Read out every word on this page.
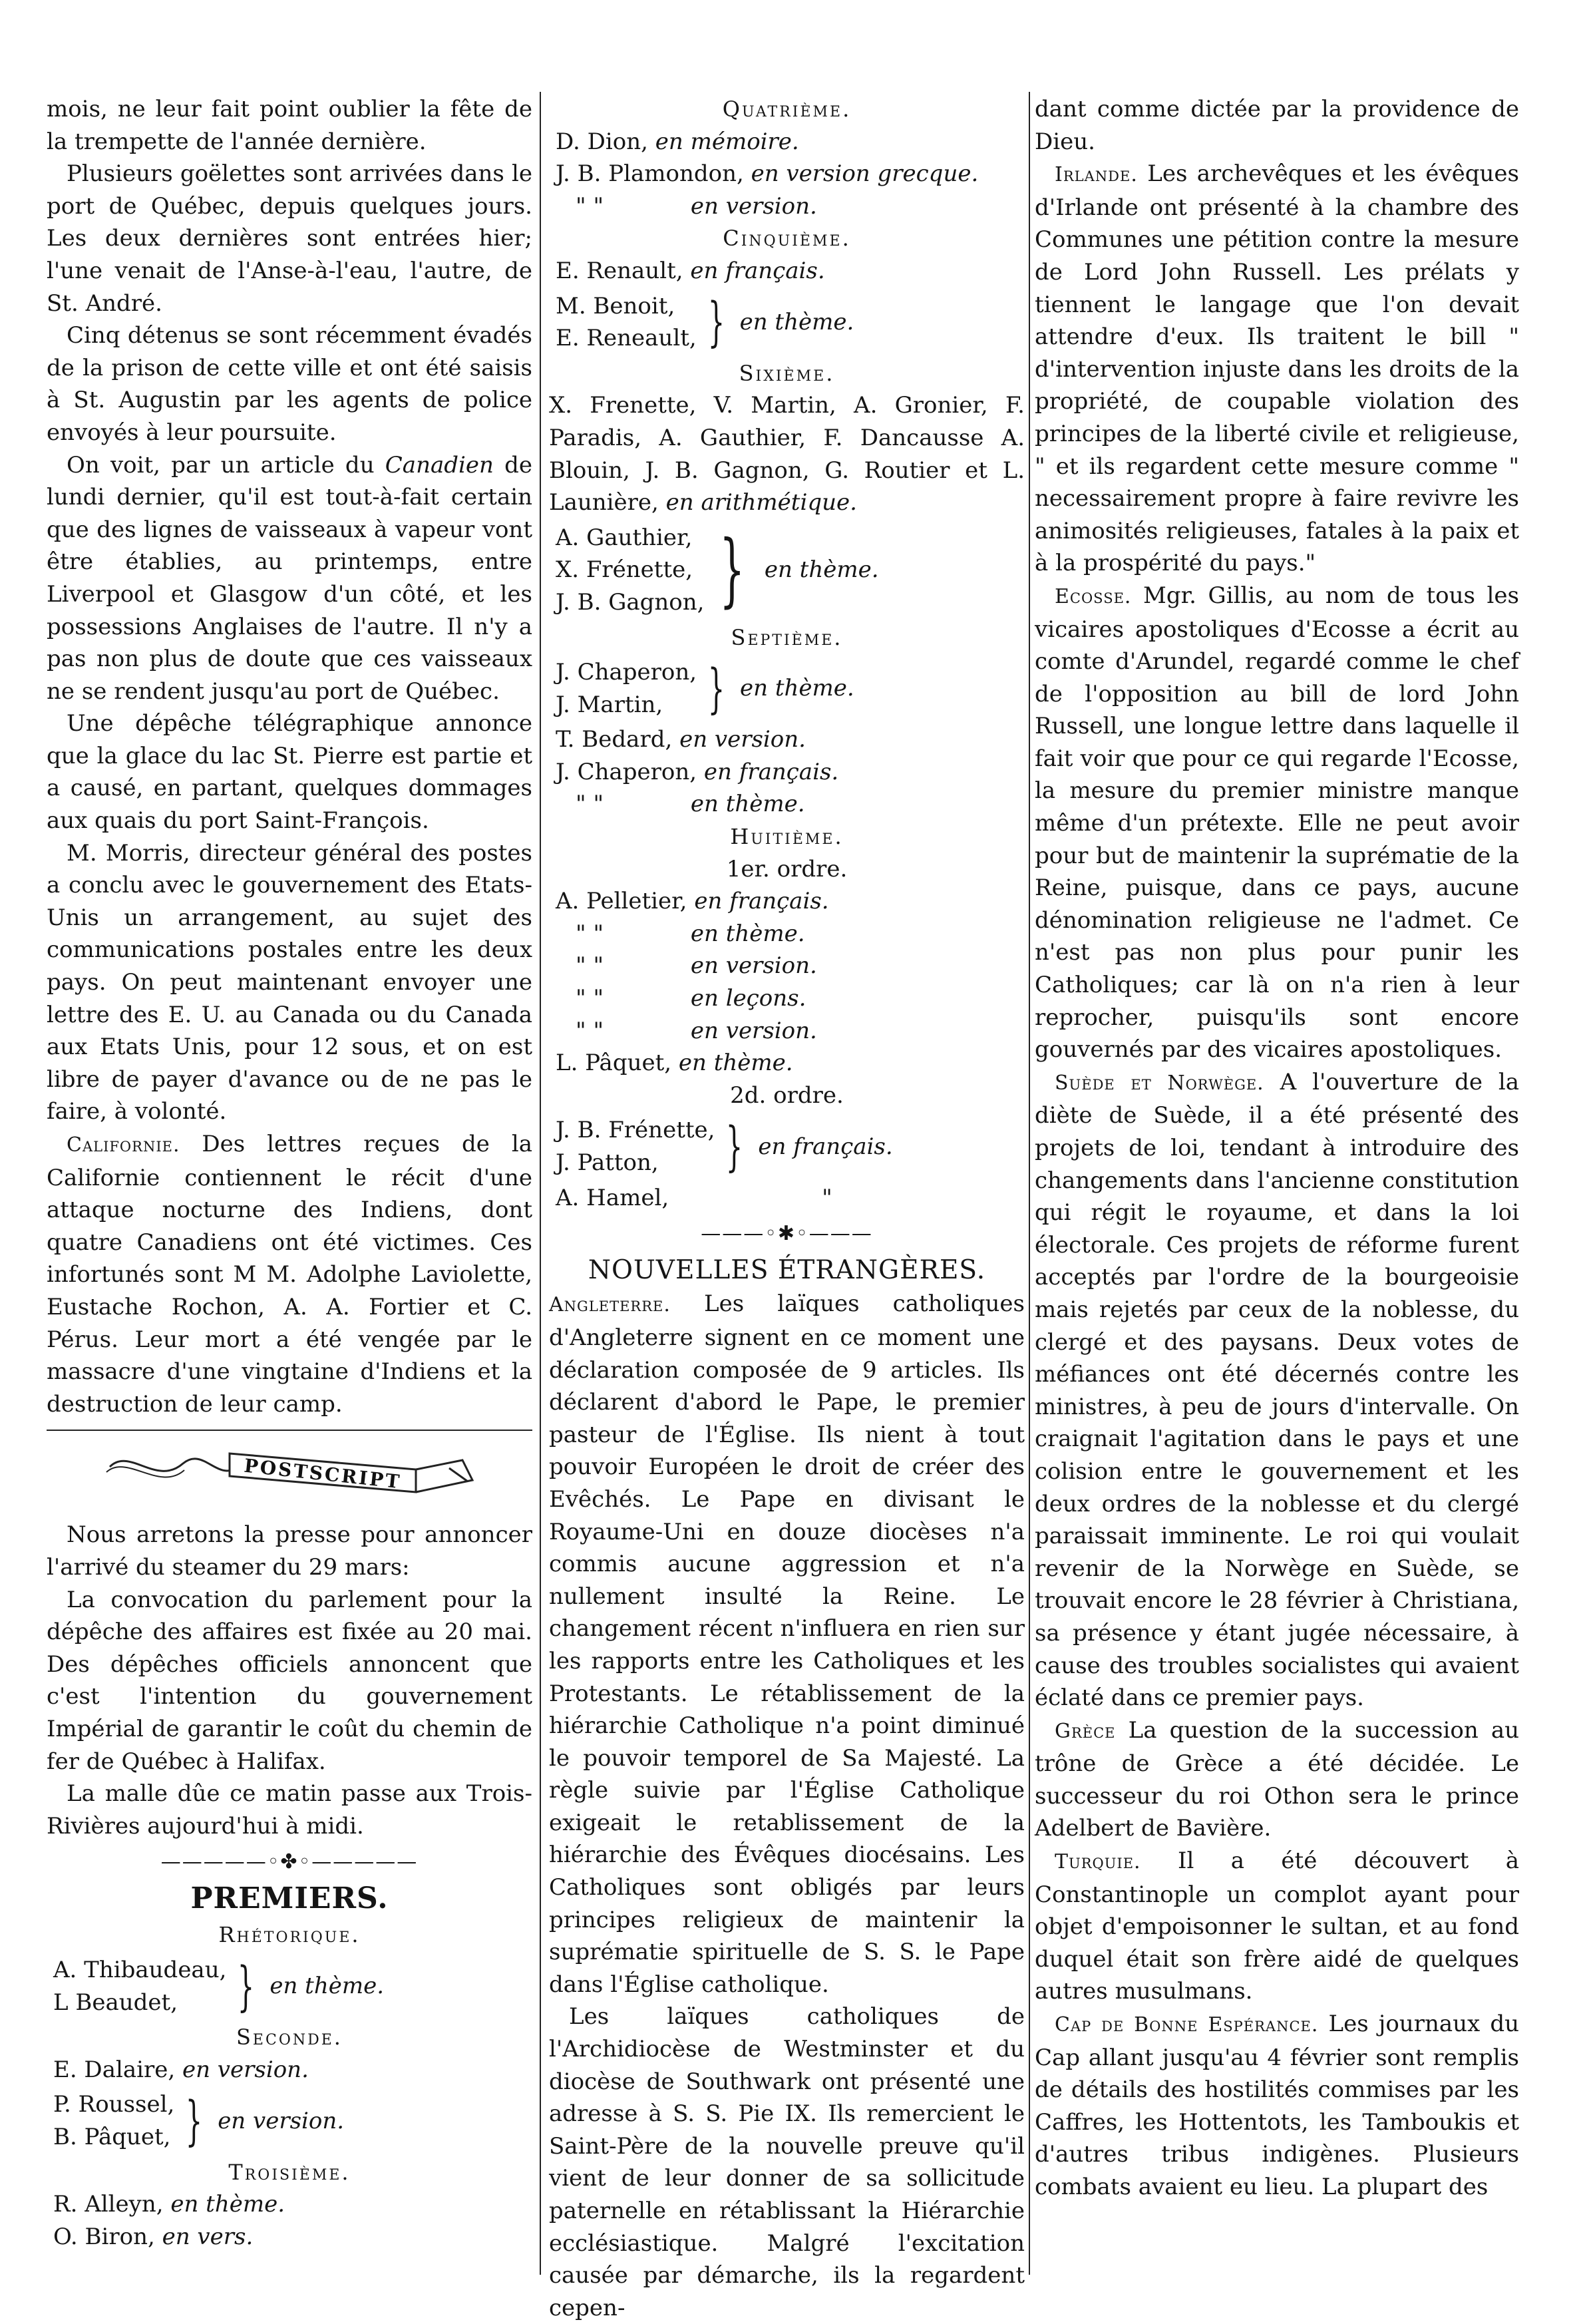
mois, ne leur fait point oublier la fête de la trempette de l'année dernière.

Plusieurs goëlettes sont arrivées dans le port de Québec, depuis quelques jours. Les deux dernières sont entrées hier; l'une venait de l'Anse-à-l'eau, l'autre, de St. André.

Cinq détenus se sont récemment évadés de la prison de cette ville et ont été saisis à St. Augustin par les agents de police envoyés à leur poursuite.

On voit, par un article du Canadien de lundi dernier, qu'il est tout-à-fait certain que des lignes de vaisseaux à vapeur vont être établies, au printemps, entre Liverpool et Glasgow d'un côté, et les possessions Anglaises de l'autre. Il n'y a pas non plus de doute que ces vaisseaux ne se rendent jusqu'au port de Québec.

Une dépêche télégraphique annonce que la glace du lac St. Pierre est partie et a causé, en partant, quelques dommages aux quais du port Saint-François.

M. Morris, directeur général des postes a conclu avec le gouvernement des Etats-Unis un arrangement, au sujet des communications postales entre les deux pays. On peut maintenant envoyer une lettre des E. U. au Canada ou du Canada aux Etats Unis, pour 12 sous, et on est libre de payer d'avance ou de ne pas le faire, à volonté.

Californie. Des lettres reçues de la Californie contiennent le récit d'une attaque nocturne des Indiens, dont quatre Canadiens ont été victimes. Ces infortunés sont M M. Adolphe Laviolette, Eustache Rochon, A. A. Fortier et C. Pérus. Leur mort a été vengée par le massacre d'une vingtaine d'Indiens et la destruction de leur camp.

POSTSCRIPT

Nous arretons la presse pour annoncer l'arrivé du steamer du 29 mars:

La convocation du parlement pour la dépêche des affaires est fixée au 20 mai. Des dépêches officiels annoncent que c'est l'intention du gouvernement Impérial de garantir le coût du chemin de fer de Québec à Halifax.

La malle dûe ce matin passe aux Trois-Rivières aujourd'hui à midi.

—————◦✤◦—————
PREMIERS.
Rhétorique.
A. Thibaudeau,
L Beaudet,	} en thème.
Seconde.
E. Dalaire, en version.
P. Roussel,
B. Pâquet, } en version.
Troisième.
R. Alleyn, en thème.
O. Biron, en vers.
Quatrième.
D. Dion, en mémoire.
J. B. Plamondon, en version grecque.
" "	en version.
Cinquième.
E. Renault, en français.
M. Benoit,
E. Reneault, } en thème.
Sixième.

X. Frenette, V. Martin, A. Gronier, F. Paradis, A. Gauthier, F. Dancausse A. Blouin, J. B. Gagnon, G. Routier et L. Launière, en arithmétique.

A. Gauthier,
X. Frénette,
J. B. Gagnon, } en thème.
Septième.
J. Chaperon,
J. Martin, } en thème.
T. Bedard, en version.
J. Chaperon, en français.
" "	en thème.
Huitième.
1er. ordre.
A. Pelletier, en français.
" "	en thème.
" "	en version.
" "	en leçons.
" "	en version.
L. Pâquet, en thème.
2d. ordre.
J. B. Frénette,
J. Patton,	} en français.
A. Hamel,	"
———◦✱◦———
NOUVELLES ÉTRANGÈRES.

Angleterre. Les laïques catholiques d'Angleterre signent en ce moment une déclaration composée de 9 articles. Ils déclarent d'abord le Pape, le premier pasteur de l'Église. Ils nient à tout pouvoir Européen le droit de créer des Evêchés. Le Pape en divisant le Royaume-Uni en douze diocèses n'a commis aucune aggression et n'a nullement insulté la Reine. Le changement récent n'influera en rien sur les rapports entre les Catholiques et les Protestants. Le rétablissement de la hiérarchie Catholique n'a point diminué le pouvoir temporel de Sa Majesté. La règle suivie par l'Église Catholique exigeait le retablissement de la hiérarchie des Évêques diocésains. Les Catholiques sont obligés par leurs principes religieux de maintenir la suprématie spirituelle de S. S. le Pape dans l'Église catholique.

Les laïques catholiques de l'Archidiocèse de Westminster et du diocèse de Southwark ont présenté une adresse à S. S. Pie IX. Ils remercient le Saint-Père de la nouvelle preuve qu'il vient de leur donner de sa sollicitude paternelle en rétablissant la Hiérarchie ecclésiastique. Malgré l'excitation causée par démarche, ils la regardent cepen-

dant comme dictée par la providence de Dieu.

Irlande. Les archevêques et les évêques d'Irlande ont présenté à la chambre des Communes une pétition contre la mesure de Lord John Russell. Les prélats y tiennent le langage que l'on devait attendre d'eux. Ils traitent le bill " d'intervention injuste dans les droits de la propriété, de coupable violation des principes de la liberté civile et religieuse, " et ils regardent cette mesure comme " necessairement propre à faire revivre les animosités religieuses, fatales à la paix et à la prospérité du pays."

Ecosse. Mgr. Gillis, au nom de tous les vicaires apostoliques d'Ecosse a écrit au comte d'Arundel, regardé comme le chef de l'opposition au bill de lord John Russell, une longue lettre dans laquelle il fait voir que pour ce qui regarde l'Ecosse, la mesure du premier ministre manque même d'un prétexte. Elle ne peut avoir pour but de maintenir la suprématie de la Reine, puisque, dans ce pays, aucune dénomination religieuse ne l'admet. Ce n'est pas non plus pour punir les Catholiques; car là on n'a rien à leur reprocher, puisqu'ils sont encore gouvernés par des vicaires apostoliques.

Suède et Norwège. A l'ouverture de la diète de Suède, il a été présenté des projets de loi, tendant à introduire des changements dans l'ancienne constitution qui régit le royaume, et dans la loi électorale. Ces projets de réforme furent acceptés par l'ordre de la bourgeoisie mais rejetés par ceux de la noblesse, du clergé et des paysans. Deux votes de méfiances ont été décernés contre les ministres, à peu de jours d'intervalle. On craignait l'agitation dans le pays et une colision entre le gouvernement et les deux ordres de la noblesse et du clergé paraissait imminente. Le roi qui voulait revenir de la Norwège en Suède, se trouvait encore le 28 février à Christiana, sa présence y étant jugée nécessaire, à cause des troubles socialistes qui avaient éclaté dans ce premier pays.

Grèce La question de la succession au trône de Grèce a été décidée. Le successeur du roi Othon sera le prince Adelbert de Bavière.

Turquie. Il a été découvert à Constantinople un complot ayant pour objet d'empoisonner le sultan, et au fond duquel était son frère aidé de quelques autres musulmans.

Cap de Bonne Espérance. Les journaux du Cap allant jusqu'au 4 février sont remplis de détails des hostilités commises par les Caffres, les Hottentots, les Tamboukis et d'autres tribus indigènes. Plusieurs combats avaient eu lieu. La plupart des
